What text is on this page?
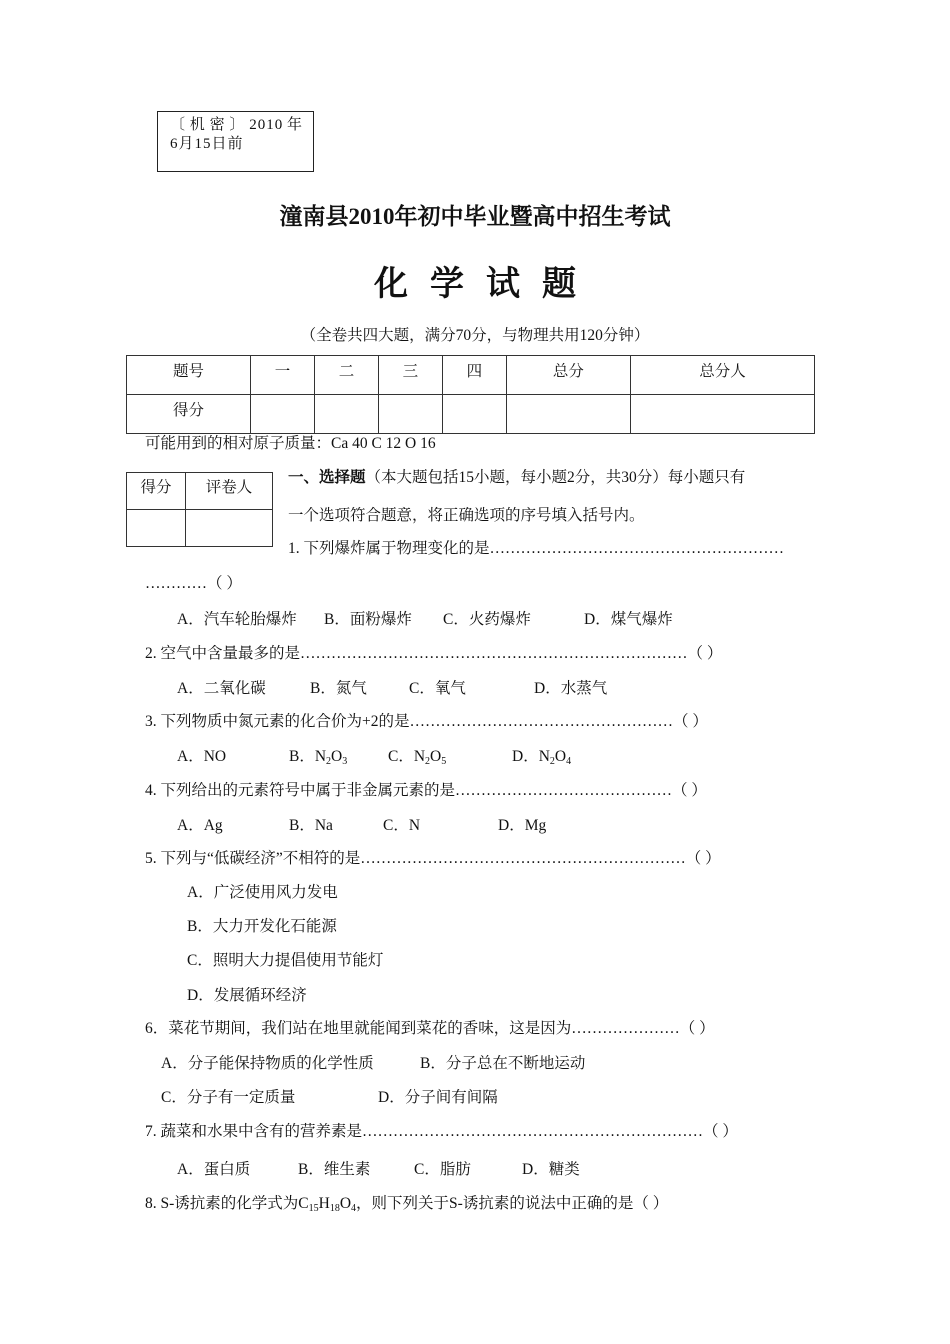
〔机密〕2010年
6月15日前
潼南县2010年初中毕业暨高中招生考试
化学试题
（全卷共四大题，满分70分，与物理共用120分钟）
题号	一	二	三	四	总分	总分人
得分						
可能用到的相对原子质量：Ca 40 C 12 O 16
得分	评卷人

一、选择题（本大题包括15小题，每小题2分，共30分）每小题只有
一个选项符合题意，将正确选项的序号填入括号内。
1. 下列爆炸属于物理变化的是…………………………………………………
…………（ ）
A．汽车轮胎爆炸 B．面粉爆炸 C．火药爆炸	D．煤气爆炸
2. 空气中含量最多的是…………………………………………………………………（ ）
A．二氧化碳	B．氮气	C．氧气	D．水蒸气
3. 下列物质中氮元素的化合价为+2的是……………………………………………（ ）
A．NO	B．$N_2O_3$	C．$N_2O_5$	D．$N_2O_4$
4. 下列给出的元素符号中属于非金属元素的是……………………………………（ ）
A．Ag	B．Na	C．N	D．Mg
5. 下列与“低碳经济”不相符的是………………………………………………………（ ）
A．广泛使用风力发电
B．大力开发化石能源
C．照明大力提倡使用节能灯
D．发展循环经济
6．菜花节期间，我们站在地里就能闻到菜花的香味，这是因为…………………（ ）
A．分子能保持物质的化学性质	B．分子总在不断地运动
C．分子有一定质量	D．分子间有间隔
7. 蔬菜和水果中含有的营养素是…………………………………………………………（ ）
A．蛋白质	B．维生素	C．脂肪	D．糖类
8. S-诱抗素的化学式为$C_{15}H_{18}O_4$，则下列关于S-诱抗素的说法中正确的是（ ）
